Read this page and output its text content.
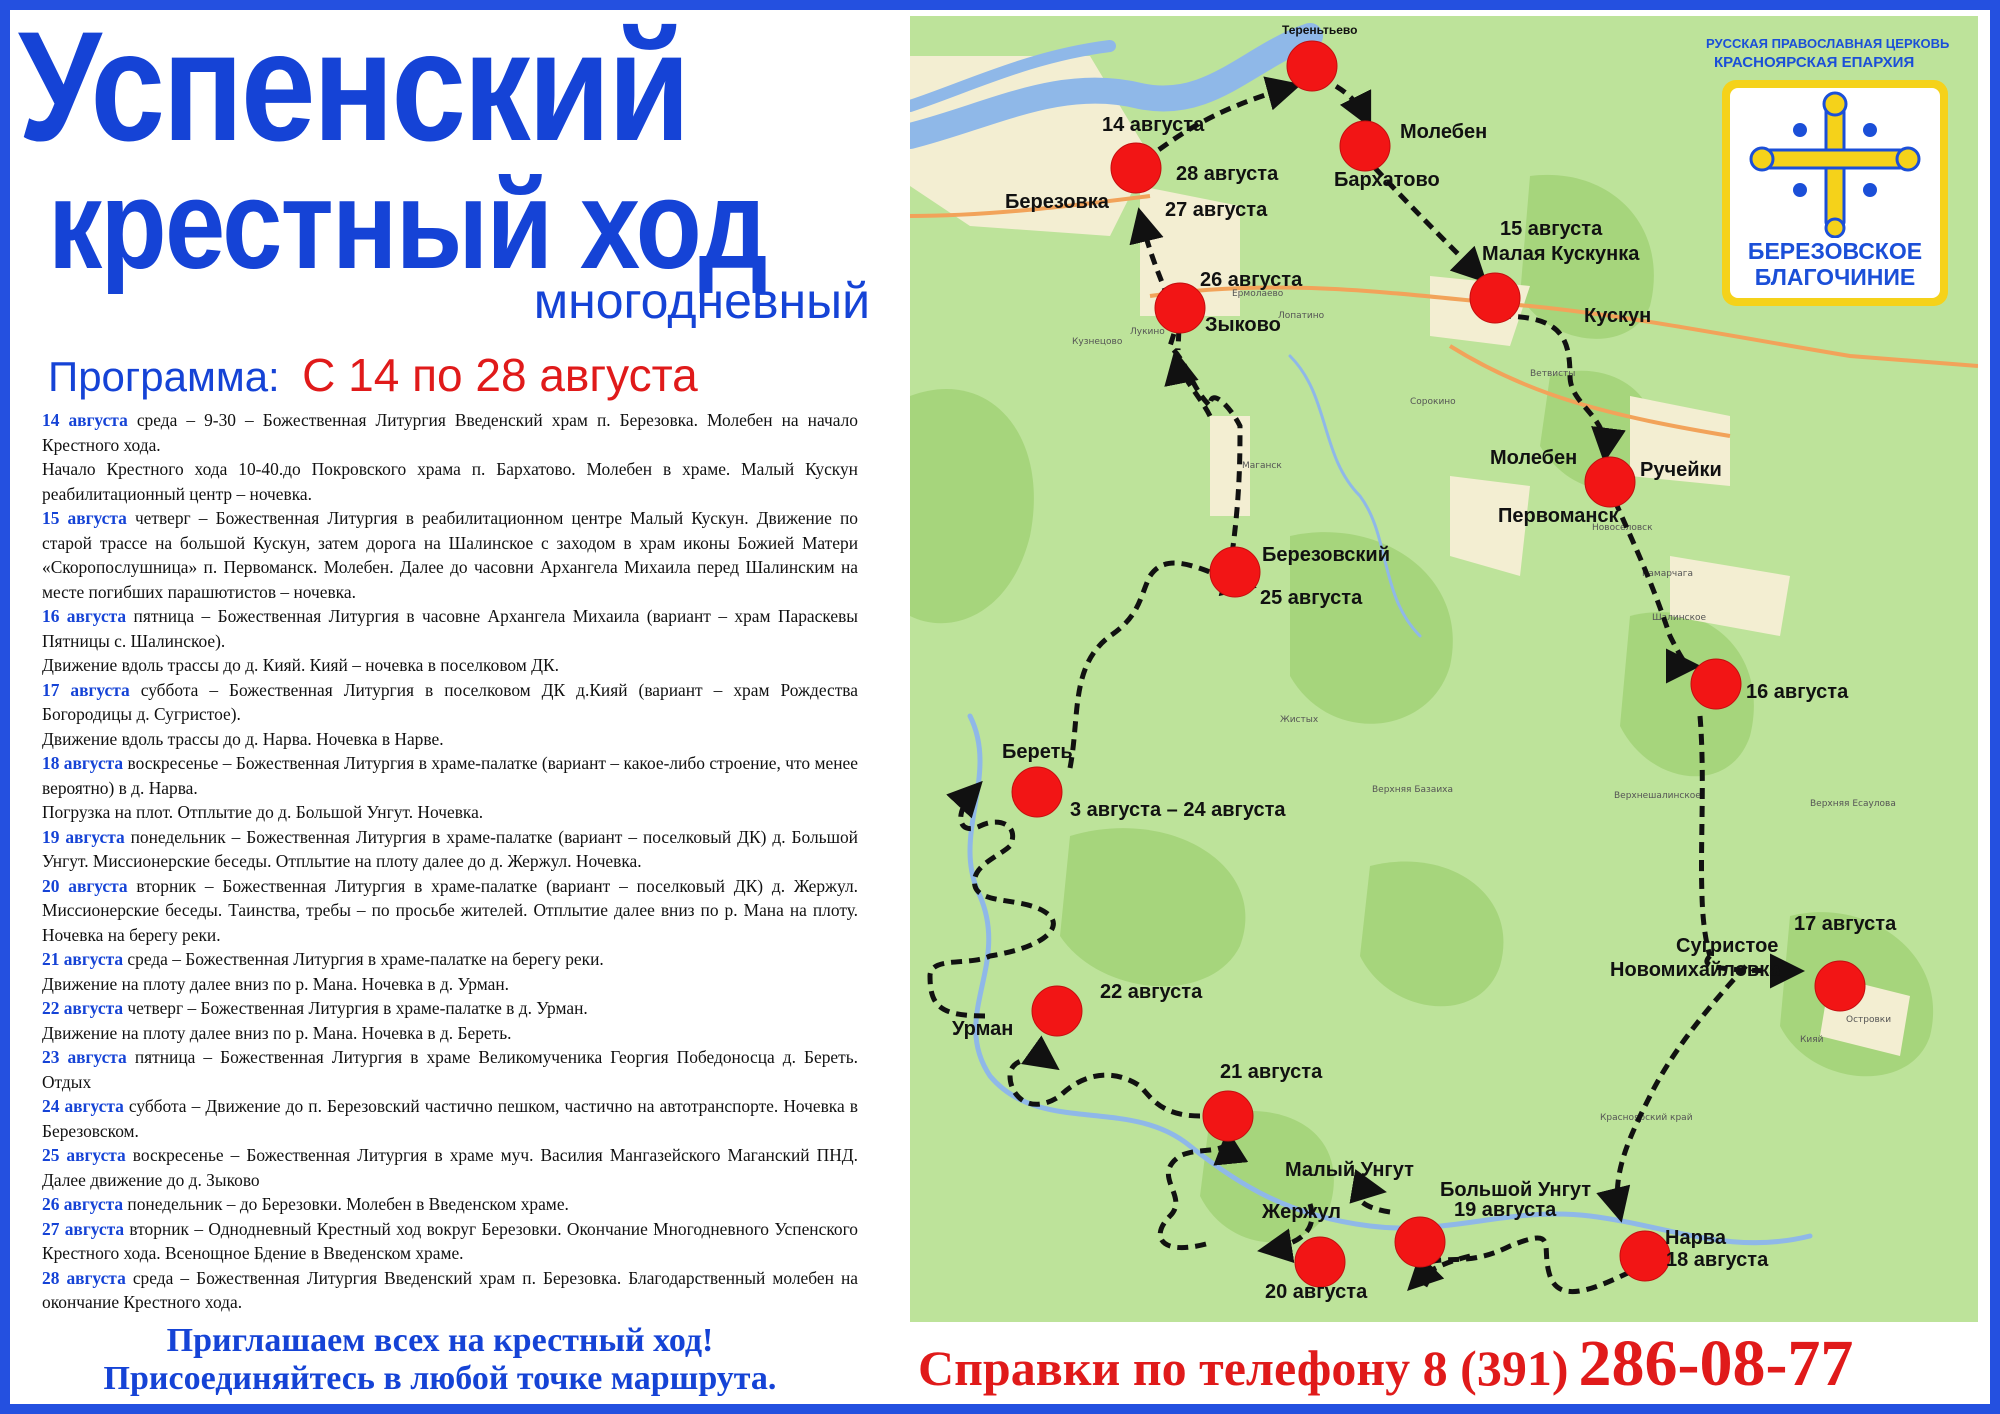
Успенский
крестный ход
многодневный
Программа: С 14 по 28 августа

14 августа среда – 9-30 – Божественная Литургия Введенский храм п. Березовка. Молебен на начало Крестного хода.

Начало Крестного хода 10-40.до Покровского храма п. Бархатово. Молебен в храме. Малый Кускун реабилитационный центр – ночевка.

15 августа четверг – Божественная Литургия в реабилитационном центре Малый Кускун. Движение по старой трассе на большой Кускун, затем дорога на Шалинское с заходом в храм иконы Божией Матери «Скоропослушница» п. Первоманск. Молебен. Далее до часовни Архангела Михаила перед Шалинским на месте погибших парашютистов – ночевка.

16 августа пятница – Божественная Литургия в часовне Архангела Михаила (вариант – храм Параскевы Пятницы с. Шалинское).

Движение вдоль трассы до д. Кияй. Кияй – ночевка в поселковом ДК.

17 августа суббота – Божественная Литургия в поселковом ДК д.Кияй (вариант – храм Рождества Богородицы д. Сугристое).

Движение вдоль трассы до д. Нарва. Ночевка в Нарве.

18 августа воскресенье – Божественная Литургия в храме-палатке (вариант – какое-либо строение, что менее вероятно) в д. Нарва.

Погрузка на плот. Отплытие до д. Большой Унгут. Ночевка.

19 августа понедельник – Божественная Литургия в храме-палатке (вариант – поселковый ДК) д. Большой Унгут. Миссионерские беседы. Отплытие на плоту далее до д. Жержул. Ночевка.

20 августа вторник – Божественная Литургия в храме-палатке (вариант – поселковый ДК) д. Жержул. Миссионерские беседы. Таинства, требы – по просьбе жителей. Отплытие далее вниз по р. Мана на плоту. Ночевка на берегу реки.

21 августа среда – Божественная Литургия в храме-палатке на берегу реки.

Движение на плоту далее вниз по р. Мана. Ночевка в д. Урман.

22 августа четверг – Божественная Литургия в храме-палатке в д. Урман.

Движение на плоту далее вниз по р. Мана. Ночевка в д. Береть.

23 августа пятница – Божественная Литургия в храме Великомученика Георгия Победоносца д. Береть. Отдых

24 августа суббота – Движение до п. Березовский частично пешком, частично на автотранспорте. Ночевка в Березовском.

25 августа воскресенье – Божественная Литургия в храме муч. Василия Мангазейского Маганский ПНД. Далее движение до д. Зыково

26 августа понедельник – до Березовки. Молебен в Введенском храме.

27 августа вторник – Однодневный Крестный ход вокруг Березовки. Окончание Многодневного Успенского Крестного хода. Всенощное Бдение в Введенском храме.

28 августа среда – Божественная Литургия Введенский храм п. Березовка. Благодарственный молебен на окончание Крестного хода.

Приглашаем всех на крестный ход!
Присоединяйтесь в любой точке маршрута.
Кузнецово
Лукино
Ермолаево
Лопатино
Сорокино
Маганск
Ветвисты
Новоселовск
Камарчага
Кияй
Жистых
Верхняя Базаиха
Верхнешалинское
Верхняя Есаулова
Островки
Красноярский край
Шалинское
Тереньтьево
14 августа
28 августа
Березовка	27 августа
Молебен
Бархатово
15 августа
Малая Кускунка
Кускун
26 августа
Зыково
Молебен
Ручейки
Первоманск
Березовский
25 августа
16 августа
Береть
3 августа – 24 августа
17 августа
Сугристое
Новомихайловка
22 августа
Урман
21 августа
Малый Унгут
Большой Унгут
19 августа
Жержул
20 августа
Нарва
18 августа
РУССКАЯ ПРАВОСЛАВНАЯ ЦЕРКОВЬ
КРАСНОЯРСКАЯ ЕПАРХИЯ
БЕРЕЗОВСКОЕ
БЛАГОЧИНИЕ
Справки по телефону 8 (391) 286-08-77
